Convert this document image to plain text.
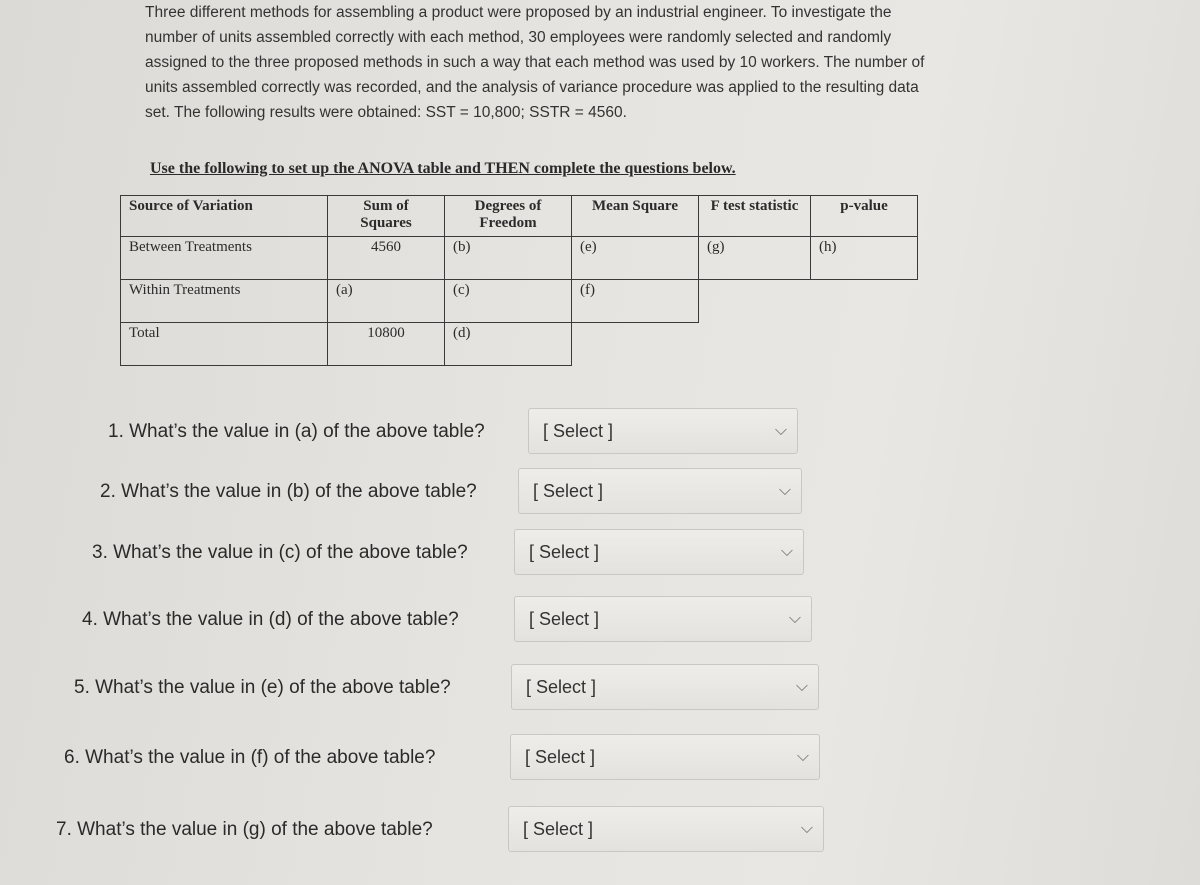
Three different methods for assembling a product were proposed by an industrial engineer. To investigate the number of units assembled correctly with each method, 30 employees were randomly selected and randomly assigned to the three proposed methods in such a way that each method was used by 10 workers. The number of units assembled correctly was recorded, and the analysis of variance procedure was applied to the resulting data set. The following results were obtained: SST = 10,800; SSTR = 4560.
Use the following to set up the ANOVA table and THEN complete the questions below.
Source of Variation	Sum of Squares	Degrees of Freedom	Mean Square	F test statistic	p-value
Between Treatments	4560	(b)	(e)	(g)	(h)
Within Treatments	(a)	(c)	(f)		
Total	10800	(d)			
1. What’s the value in (a) of the above table?	[ Select ]	⌵
2. What’s the value in (b) of the above table?	[ Select ]	⌵
3. What’s the value in (c) of the above table?	[ Select ]	⌵
4. What’s the value in (d) of the above table?	[ Select ]	⌵
5. What’s the value in (e) of the above table?	[ Select ]	⌵
6. What’s the value in (f) of the above table?	[ Select ]	⌵
7. What’s the value in (g) of the above table?	[ Select ]	⌵
